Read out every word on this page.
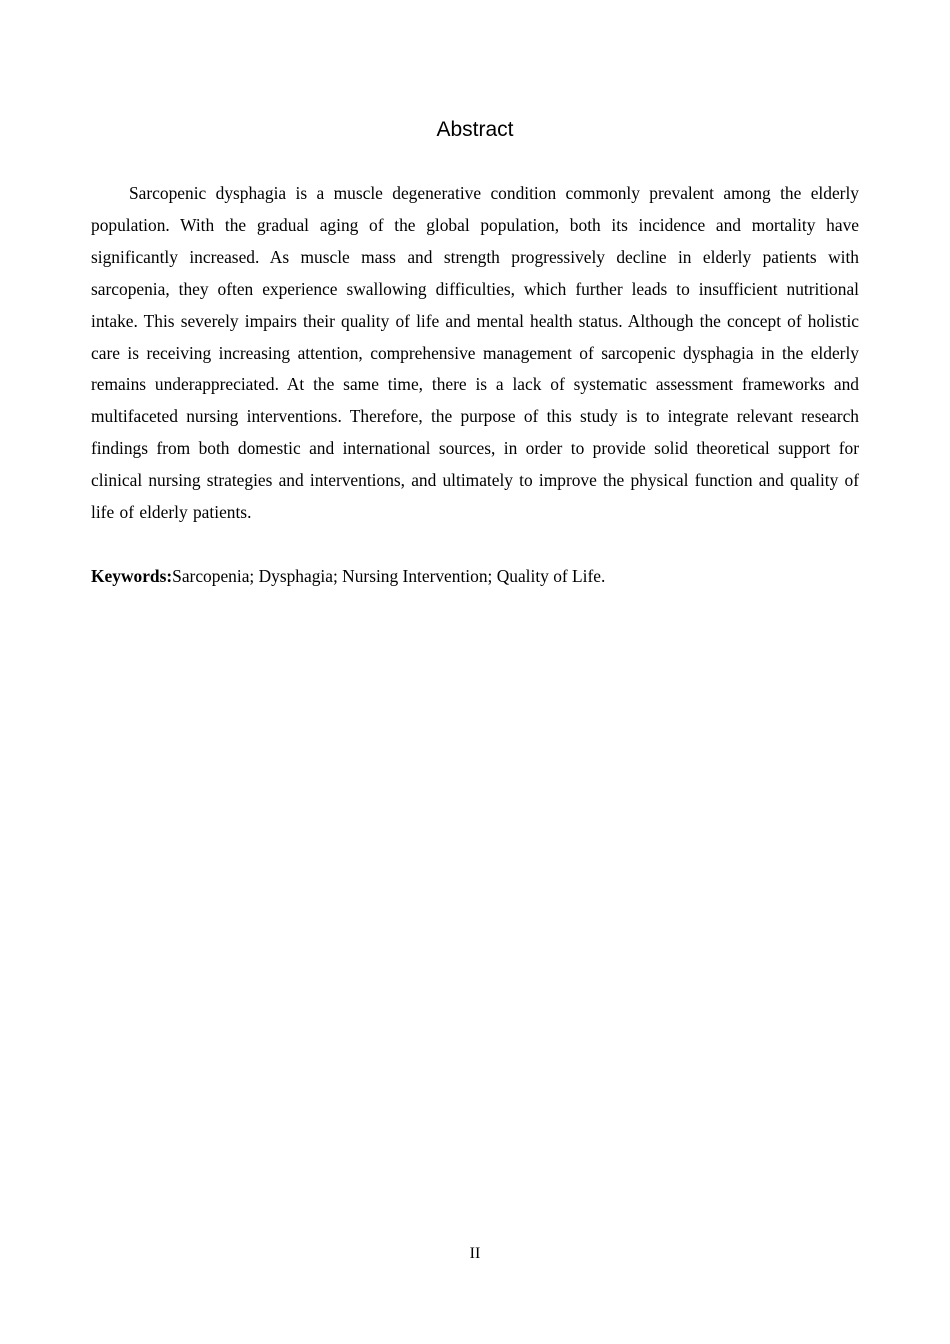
Abstract

Sarcopenic dysphagia is a muscle degenerative condition commonly prevalent among the elderly population. With the gradual aging of the global population, both its incidence and mortality have significantly increased. As muscle mass and strength progressively decline in elderly patients with sarcopenia, they often experience swallowing difficulties, which further leads to insufficient nutritional intake. This severely impairs their quality of life and mental health status. Although the concept of holistic care is receiving increasing attention, comprehensive management of sarcopenic dysphagia in the elderly remains underappreciated. At the same time, there is a lack of systematic assessment frameworks and multifaceted nursing interventions. Therefore, the purpose of this study is to integrate relevant research findings from both domestic and international sources, in order to provide solid theoretical support for clinical nursing strategies and interventions, and ultimately to improve the physical function and quality of life of elderly patients.

Keywords:Sarcopenia; Dysphagia; Nursing Intervention; Quality of Life.

II
